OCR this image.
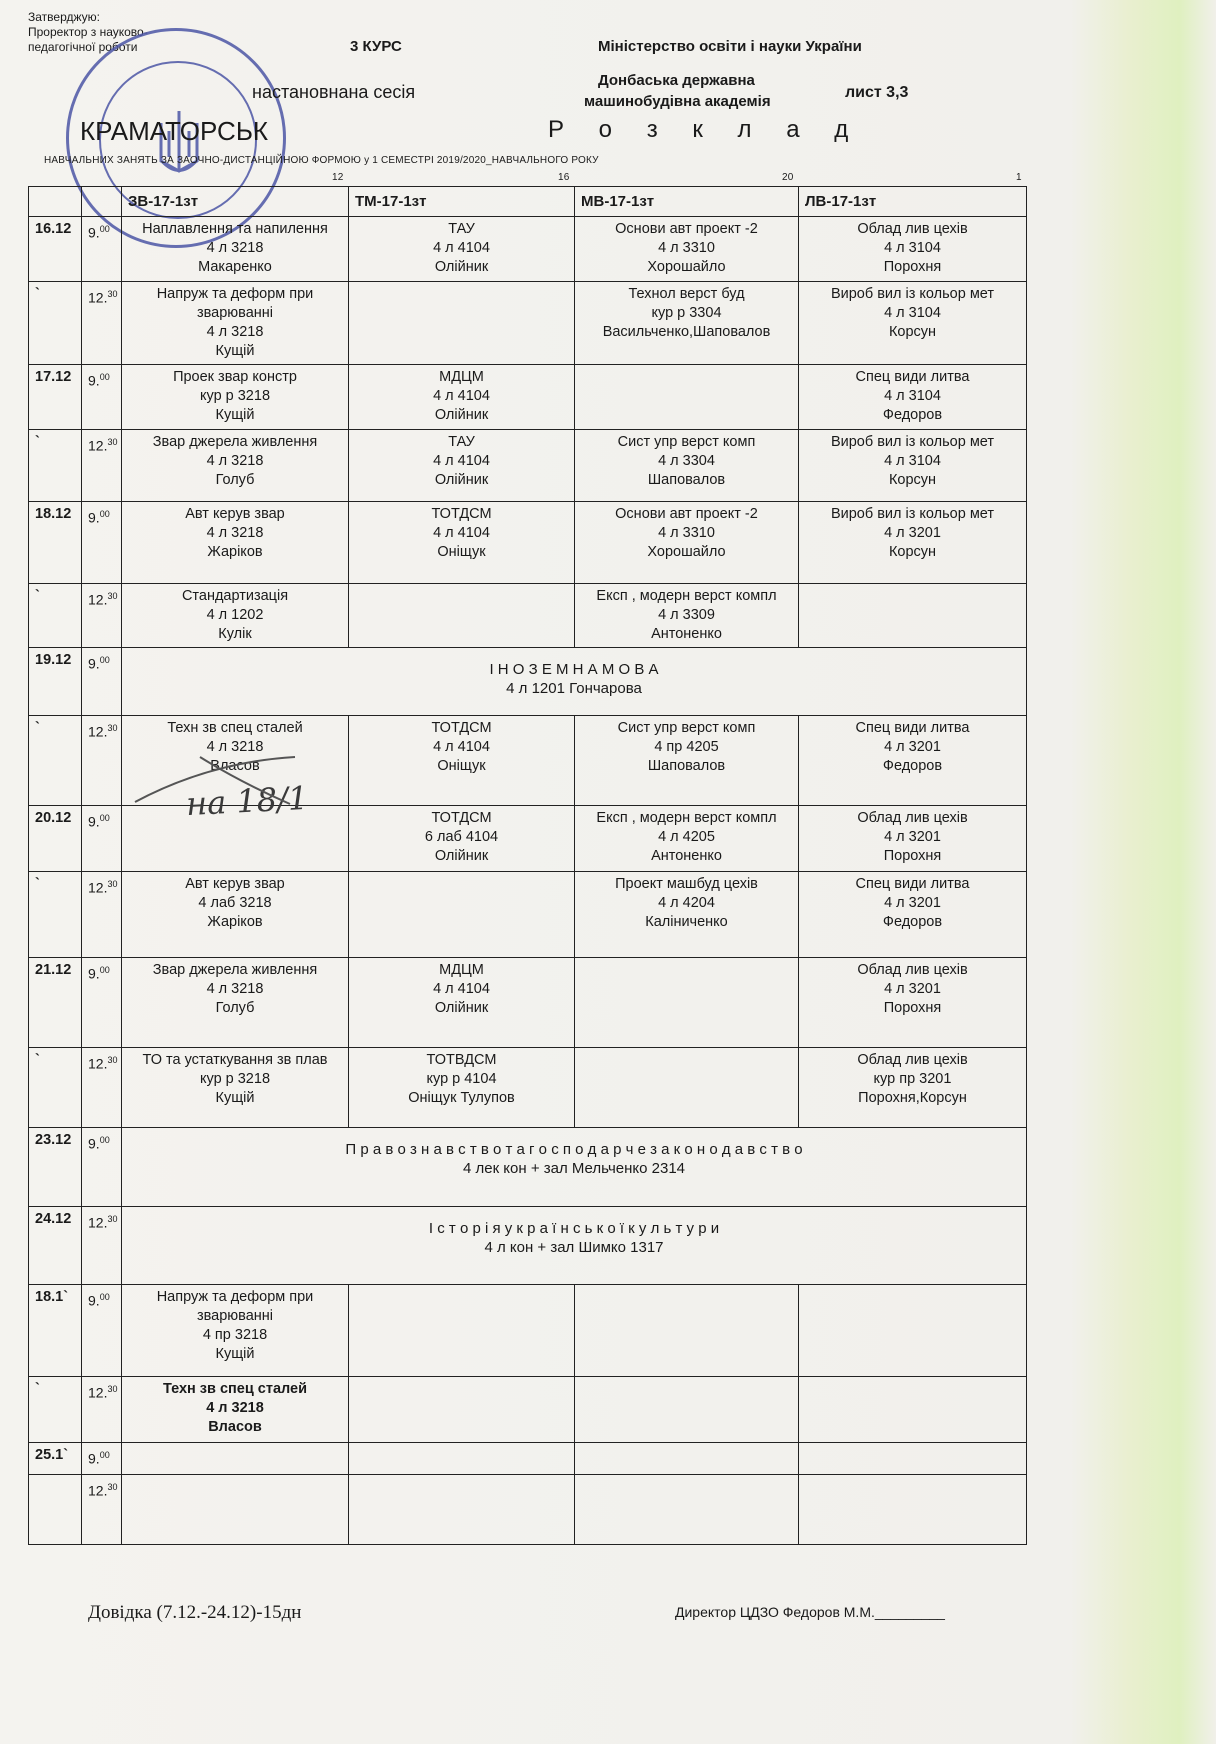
Затверджую:
Проректор з науково-
педагогічної роботи	3 КУРС	Міністерство освіти і науки України
настановнана сесія
Донбаська державна
машинобудівна академія
лист 3,3
КРАМАТОРСЬК	Р о з к л а д
НАВЧАЛЬНИХ ЗАНЯТЬ ЗА ЗАОЧНО-ДИСТАНЦІЙНОЮ ФОРМОЮ у 1 СЕМЕСТРІ 2019/2020_НАВЧАЛЬНОГО РОКУ
12	16	20	1
		ЗВ-17-1зт	ТМ-17-1зт	МВ-17-1зт	ЛВ-17-1зт
16.12	9.00	Наплавлення та напилення
4 л 3218
Макаренко	ТАУ
4 л 4104
Олійник	Основи авт проект -2
4 л 3310
Хорошайло	Облад лив цехів
4 л 3104
Порохня
`	12.30	Напруж та деформ при
зварюванні
4 л 3218
Кущій		Технол верст буд
кур р 3304
Васильченко,Шаповалов	Вироб вил із кольор мет
4 л 3104
Корсун
17.12	9.00	Проек звар констр
кур р 3218
Кущій	МДЦМ
4 л 4104
Олійник		Спец види литва
4 л 3104
Федоров
`	12.30	Звар джерела живлення
4 л 3218
Голуб	ТАУ
4 л 4104
Олійник	Сист упр верст комп
4 л 3304
Шаповалов	Вироб вил із кольор мет
4 л 3104
Корсун
18.12	9.00	Авт керув звар
4 л 3218
Жаріков	ТОТДСМ
4 л 4104
Оніщук	Основи авт проект -2
4 л 3310
Хорошайло	Вироб вил із кольор мет
4 л 3201
Корсун
`	12.30	Стандартизація
4 л 1202
Кулік		Експ , модерн верст компл
4 л 3309
Антоненко	
19.12	9.00	І Н О З Е М Н А М О В А
4 л 1201 Гончарова			
`	12.30	Техн зв спец сталей
4 л 3218
Власов	ТОТДСМ
4 л 4104
Оніщук	Сист упр верст комп
4 пр 4205
Шаповалов	Спец види литва
4 л 3201
Федоров
20.12	9.00		ТОТДСМ
6 лаб 4104
Олійник	Експ , модерн верст компл
4 л 4205
Антоненко	Облад лив цехів
4 л 3201
Порохня
`	12.30	Авт керув звар
4 лаб 3218
Жаріков		Проект машбуд цехів
4 л 4204
Каліниченко	Спец види литва
4 л 3201
Федоров
21.12	9.00	Звар джерела живлення
4 л 3218
Голуб	МДЦМ
4 л 4104
Олійник		Облад лив цехів
4 л 3201
Порохня
`	12.30	ТО та устаткування зв плав
кур р 3218
Кущій	ТОТВДСМ
кур р 4104
Оніщук Тулупов		Облад лив цехів
кур пр 3201
Порохня,Корсун
23.12	9.00	П р а в о з н а в с т в о т а г о с п о д а р ч е з а к о н о д а в с т в о
4 лек кон + зал Мельченко 2314			
24.12	12.30	І с т о р і я у к р а ї н с ь к о ї к у л ь т у р и
4 л кон + зал Шимко 1317			
18.1`	9.00	Напруж та деформ при
зварюванні
4 пр 3218
Кущій			
`	12.30	Техн зв спец сталей
4 л 3218
Власов			
25.1`	9.00				
	12.30				
на 18/1
Довідка (7.12.-24.12)-15дн	Директор ЦДЗО Федоров М.М._________
